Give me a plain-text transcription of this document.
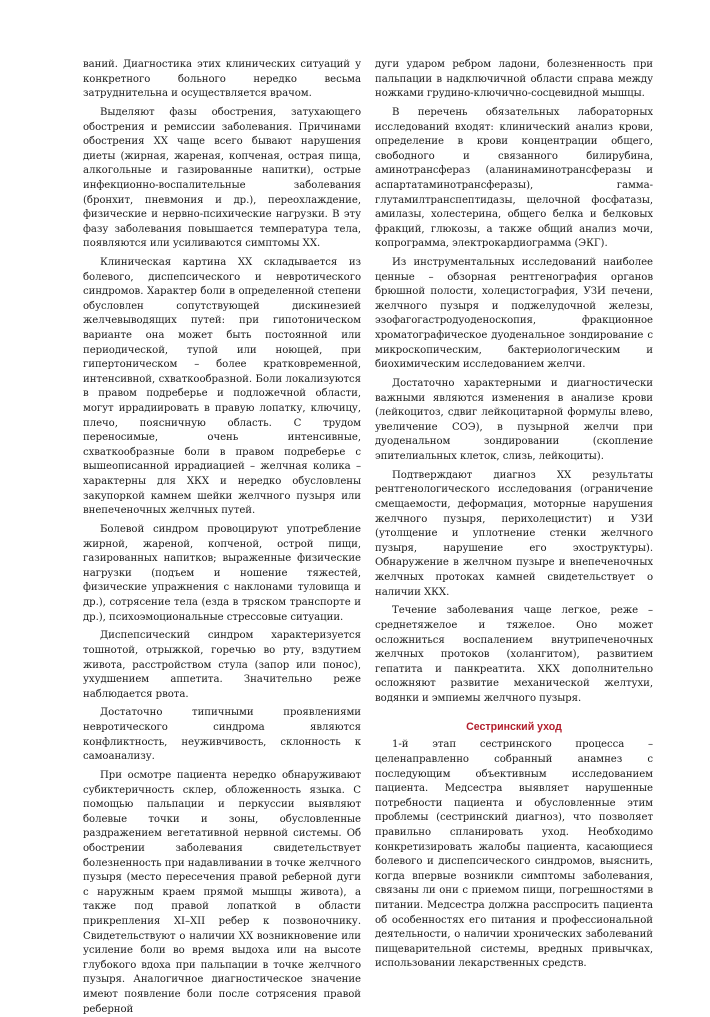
ваний. Диагностика этих клинических ситуаций у конкретного больного нередко весьма затруднительна и осуществляется врачом.

Выделяют фазы обострения, затухающего обострения и ремиссии заболевания. Причинами обострения ХХ чаще всего бывают нарушения диеты (жирная, жареная, копченая, острая пища, алкогольные и газированные напитки), острые инфекционно-воспалительные заболевания (бронхит, пневмония и др.), переохлаждение, физические и нервно-психические нагрузки. В эту фазу заболевания повышается температура тела, появляются или усиливаются симптомы ХХ.

Клиническая картина ХХ складывается из болевого, диспепсического и невротического синдромов. Характер боли в определенной степени обусловлен сопутствующей дискинезией желчевыводящих путей: при гипотоническом варианте она может быть постоянной или периодической, тупой или ноющей, при гипертоническом – более кратковременной, интенсивной, схваткообразной. Боли локализуются в правом подреберье и подложечной области, могут иррадиировать в правую лопатку, ключицу, плечо, поясничную область. С трудом переносимые, очень интенсивные, схваткообразные боли в правом подреберье с вышеописанной иррадиацией – желчная колика – характерны для ХКХ и нередко обусловлены закупоркой камнем шейки желчного пузыря или внепеченочных желчных путей.

Болевой синдром провоцируют употребление жирной, жареной, копченой, острой пищи, газированных напитков; выраженные физические нагрузки (подъем и ношение тяжестей, физические упражнения с наклонами туловища и др.), сотрясение тела (езда в тряском транспорте и др.), психоэмоциональные стрессовые ситуации.

Диспепсический синдром характеризуется тошнотой, отрыжкой, горечью во рту, вздутием живота, расстройством стула (запор или понос), ухудшением аппетита. Значительно реже наблюдается рвота.

Достаточно типичными проявлениями невротического синдрома являются конфликтность, неуживчивость, склонность к самоанализу.

При осмотре пациента нередко обнаруживают субиктеричность склер, обложенность языка. С помощью пальпации и перкуссии выявляют болевые точки и зоны, обусловленные раздражением вегетативной нервной системы. Об обострении заболевания свидетельствует болезненность при надавливании в точке желчного пузыря (место пересечения правой реберной дуги с наружным краем прямой мышцы живота), а также под правой лопаткой в области прикрепления XI–XII ребер к позвоночнику. Свидетельствуют о наличии ХХ возникновение или усиление боли во время выдоха или на высоте глубокого вдоха при пальпации в точке желчного пузыря. Аналогичное диагностическое значение имеют появление боли после сотрясения правой реберной

дуги ударом ребром ладони, болезненность при пальпации в надключичной области справа между ножками грудино-ключично-сосцевидной мышцы.

В перечень обязательных лабораторных исследований входят: клинический анализ крови, определение в крови концентрации общего, свободного и связанного билирубина, аминотрансфераз (аланинаминотрансферазы и аспартатаминотрансферазы), гамма-глутамилтранспептидазы, щелочной фосфатазы, амилазы, холестерина, общего белка и белковых фракций, глюкозы, а также общий анализ мочи, копрограмма, электрокардиограмма (ЭКГ).

Из инструментальных исследований наиболее ценные – обзорная рентгенография органов брюшной полости, холецистография, УЗИ печени, желчного пузыря и поджелудочной железы, эзофагогастродуоденоскопия, фракционное хроматографическое дуоденальное зондирование с микроскопическим, бактериологическим и биохимическим исследованием желчи.

Достаточно характерными и диагностически важными являются изменения в анализе крови (лейкоцитоз, сдвиг лейкоцитарной формулы влево, увеличение СОЭ), в пузырной желчи при дуоденальном зондировании (скопление эпителиальных клеток, слизь, лейкоциты).

Подтверждают диагноз ХХ результаты рентгенологического исследования (ограничение смещаемости, деформация, моторные нарушения желчного пузыря, перихолецистит) и УЗИ (утолщение и уплотнение стенки желчного пузыря, нарушение его эхоструктуры). Обнаружение в желчном пузыре и внепеченочных желчных протоках камней свидетельствует о наличии ХКХ.

Течение заболевания чаще легкое, реже – среднетяжелое и тяжелое. Оно может осложниться воспалением внутрипеченочных желчных протоков (холангитом), развитием гепатита и панкреатита. ХКХ дополнительно осложняют развитие механической желтухи, водянки и эмпиемы желчного пузыря.

Сестринский уход

1-й этап сестринского процесса – целенаправленно собранный анамнез с последующим объективным исследованием пациента. Медсестра выявляет нарушенные потребности пациента и обусловленные этим проблемы (сестринский диагноз), что позволяет правильно спланировать уход. Необходимо конкретизировать жалобы пациента, касающиеся болевого и диспепсического синдромов, выяснить, когда впервые возникли симптомы заболевания, связаны ли они с приемом пищи, погрешностями в питании. Медсестра должна расспросить пациента об особенностях его питания и профессиональной деятельности, о наличии хронических заболеваний пищеварительной системы, вредных привычках, использовании лекарственных средств.
